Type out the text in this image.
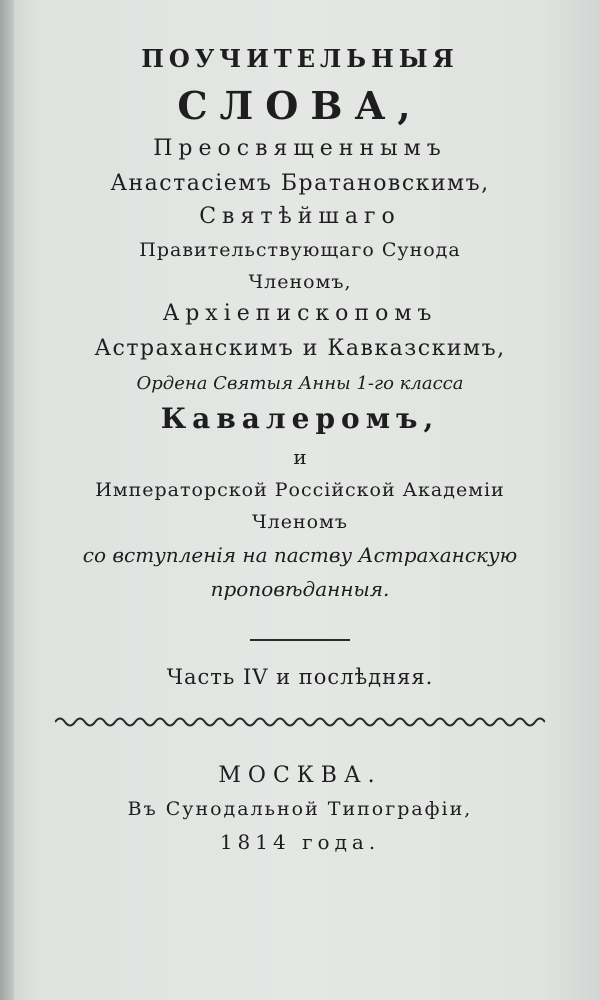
ПОУЧИТЕЛЬНЫЯ
СЛОВА,
Преосвященнымъ
Анастасiемъ Братановскимъ,
Святѣйшаго
Правительствующаго Сунода
Членомъ,
Архiепископомъ
Астраханскимъ и Кавказскимъ,
Ордена Святыя Анны 1-го класса
Кавалеромъ,
и
Императорской Россiйской Академiи
Членомъ
со вступленiя на паству Астраханскую
проповѣданныя.
Часть IV и послѣдняя.
МОСКВА.
Въ Сунодальной Типографiи,
1814 года.
